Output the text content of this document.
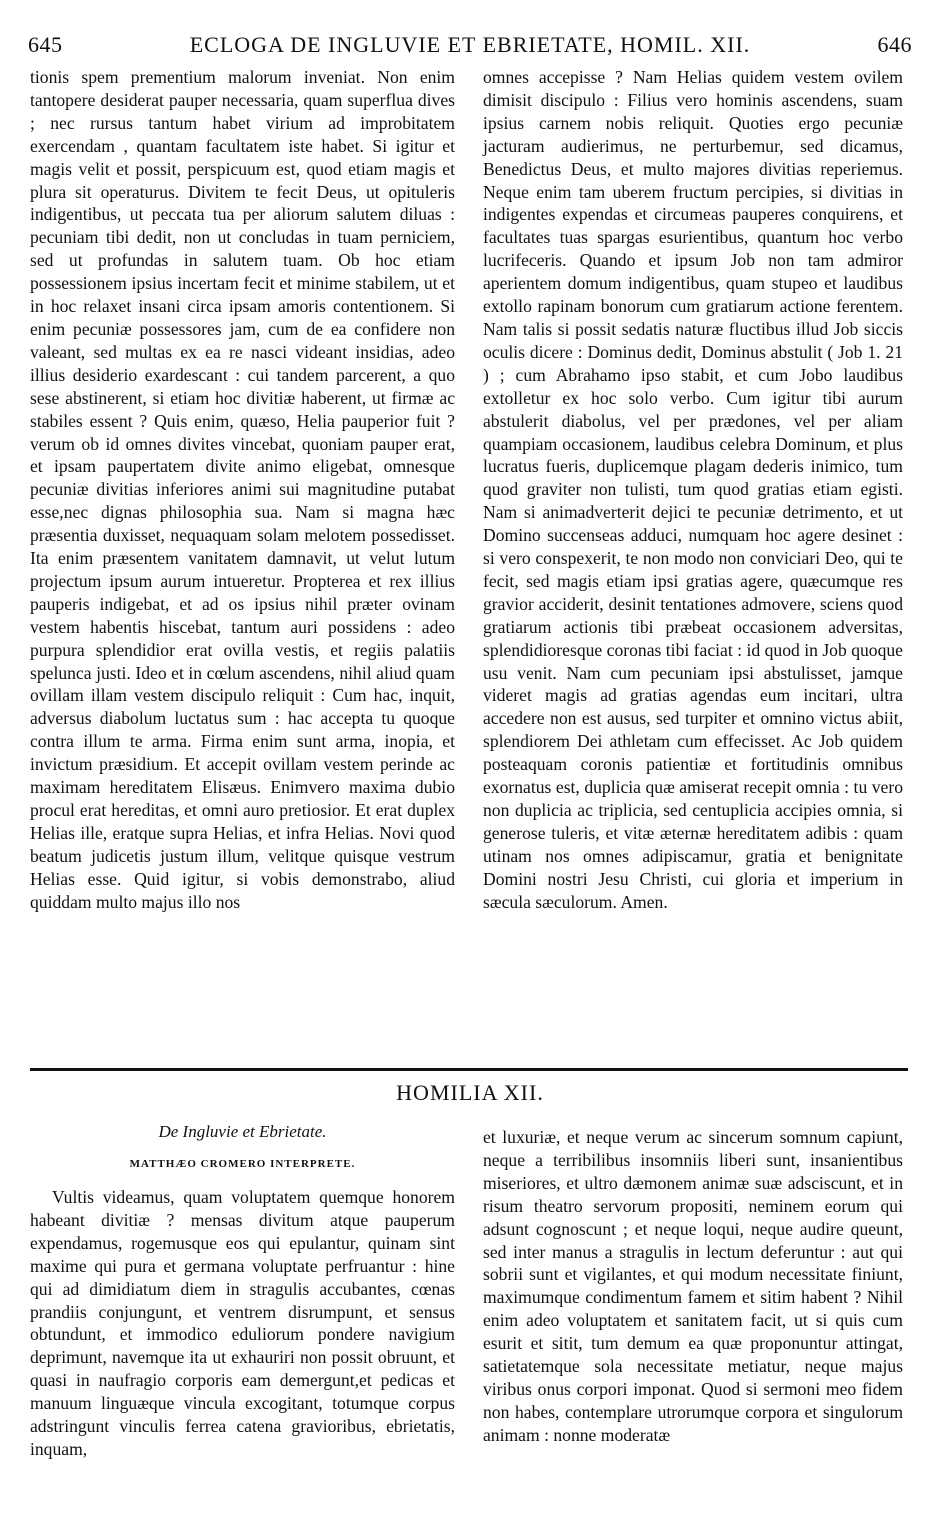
645	ECLOGA DE INGLUVIE ET EBRIETATE, HOMIL. XII.	646

tionis spem prementium malorum inveniat. Non enim tantopere desiderat pauper necessaria, quam superflua dives ; nec rursus tantum habet virium ad improbitatem exercendam , quantam facultatem iste habet. Si igitur et magis velit et possit, perspicuum est, quod etiam magis et plura sit operaturus. Divitem te fecit Deus, ut opituleris indigentibus, ut peccata tua per aliorum salutem diluas : pecuniam tibi dedit, non ut concludas in tuam perniciem, sed ut profundas in salutem tuam. Ob hoc etiam possessionem ipsius incertam fecit et minime stabilem, ut et in hoc relaxet insani circa ipsam amoris contentionem. Si enim pecuniæ possessores jam, cum de ea confidere non valeant, sed multas ex ea re nasci videant insidias, adeo illius desiderio exardescant : cui tandem parcerent, a quo sese abstinerent, si etiam hoc divitiæ haberent, ut firmæ ac stabiles essent ? Quis enim, quæso, Helia pauperior fuit ? verum ob id omnes divites vincebat, quoniam pauper erat, et ipsam paupertatem divite animo eligebat, omnesque pecuniæ divitias inferiores animi sui magnitudine putabat esse,nec dignas philosophia sua. Nam si magna hæc præsentia duxisset, nequaquam solam melotem possedisset. Ita enim præsentem vanitatem damnavit, ut velut lutum projectum ipsum aurum intueretur. Propterea et rex illius pauperis indigebat, et ad os ipsius nihil præter ovinam vestem habentis hiscebat, tantum auri possidens : adeo purpura splendidior erat ovilla vestis, et regiis palatiis spelunca justi. Ideo et in cœlum ascendens, nihil aliud quam ovillam illam vestem discipulo reliquit : Cum hac, inquit, adversus diabolum luctatus sum : hac accepta tu quoque contra illum te arma. Firma enim sunt arma, inopia, et invictum præsidium. Et accepit ovillam vestem perinde ac maximam hereditatem Elisæus. Enimvero maxima dubio procul erat hereditas, et omni auro pretiosior. Et erat duplex Helias ille, eratque supra Helias, et infra Helias. Novi quod beatum judicetis justum illum, velitque quisque vestrum Helias esse. Quid igitur, si vobis demonstrabo, aliud quiddam multo majus illo nos

omnes accepisse ? Nam Helias quidem vestem ovilem dimisit discipulo : Filius vero hominis ascendens, suam ipsius carnem nobis reliquit. Quoties ergo pecuniæ jacturam audierimus, ne perturbemur, sed dicamus, Benedictus Deus, et multo majores divitias reperiemus. Neque enim tam uberem fructum percipies, si divitias in indigentes expendas et circumeas pauperes conquirens, et facultates tuas spargas esurientibus, quantum hoc verbo lucrifeceris. Quando et ipsum Job non tam admiror aperientem domum indigentibus, quam stupeo et laudibus extollo rapinam bonorum cum gratiarum actione ferentem. Nam talis si possit sedatis naturæ fluctibus illud Job siccis oculis dicere : Dominus dedit, Dominus abstulit ( Job 1. 21 ) ; cum Abrahamo ipso stabit, et cum Jobo laudibus extolletur ex hoc solo verbo. Cum igitur tibi aurum abstulerit diabolus, vel per prædones, vel per aliam quampiam occasionem, laudibus celebra Dominum, et plus lucratus fueris, duplicemque plagam dederis inimico, tum quod graviter non tulisti, tum quod gratias etiam egisti. Nam si animadverterit dejici te pecuniæ detrimento, et ut Domino succenseas adduci, numquam hoc agere desinet : si vero conspexerit, te non modo non conviciari Deo, qui te fecit, sed magis etiam ipsi gratias agere, quæcumque res gravior acciderit, desinit tentationes admovere, sciens quod gratiarum actionis tibi præbeat occasionem adversitas, splendidioresque coronas tibi faciat : id quod in Job quoque usu venit. Nam cum pecuniam ipsi abstulisset, jamque videret magis ad gratias agendas eum incitari, ultra accedere non est ausus, sed turpiter et omnino victus abiit, splendiorem Dei athletam cum effecisset. Ac Job quidem posteaquam coronis patientiæ et fortitudinis omnibus exornatus est, duplicia quæ amiserat recepit omnia : tu vero non duplicia ac triplicia, sed centuplicia accipies omnia, si generose tuleris, et vitæ æternæ hereditatem adibis : quam utinam nos omnes adipiscamur, gratia et benignitate Domini nostri Jesu Christi, cui gloria et imperium in sæcula sæculorum. Amen.

HOMILIA XII.
De Ingluvie et Ebrietate.
MATTHÆO CROMERO INTERPRETE.

Vultis videamus, quam voluptatem quemque honorem habeant divitiæ ? mensas divitum atque pauperum expendamus, rogemusque eos qui epulantur, quinam sint maxime qui pura et germana voluptate perfruantur : hine qui ad dimidiatum diem in stragulis accubantes, cœnas prandiis conjungunt, et ventrem disrumpunt, et sensus obtundunt, et immodico eduliorum pondere navigium deprimunt, navemque ita ut exhauriri non possit obruunt, et quasi in naufragio corporis eam demergunt,et pedicas et manuum linguæque vincula excogitant, totumque corpus adstringunt vinculis ferrea catena gravioribus, ebrietatis, inquam,

et luxuriæ, et neque verum ac sincerum somnum capiunt, neque a terribilibus insomniis liberi sunt, insanientibus miseriores, et ultro dæmonem animæ suæ adsciscunt, et in risum theatro servorum propositi, neminem eorum qui adsunt cognoscunt ; et neque loqui, neque audire queunt, sed inter manus a stragulis in lectum deferuntur : aut qui sobrii sunt et vigilantes, et qui modum necessitate finiunt, maximumque condimentum famem et sitim habent ? Nihil enim adeo voluptatem et sanitatem facit, ut si quis cum esurit et sitit, tum demum ea quæ proponuntur attingat, satietatemque sola necessitate metiatur, neque majus viribus onus corpori imponat. Quod si sermoni meo fidem non habes, contemplare utrorumque corpora et singulorum animam : nonne moderatæ
